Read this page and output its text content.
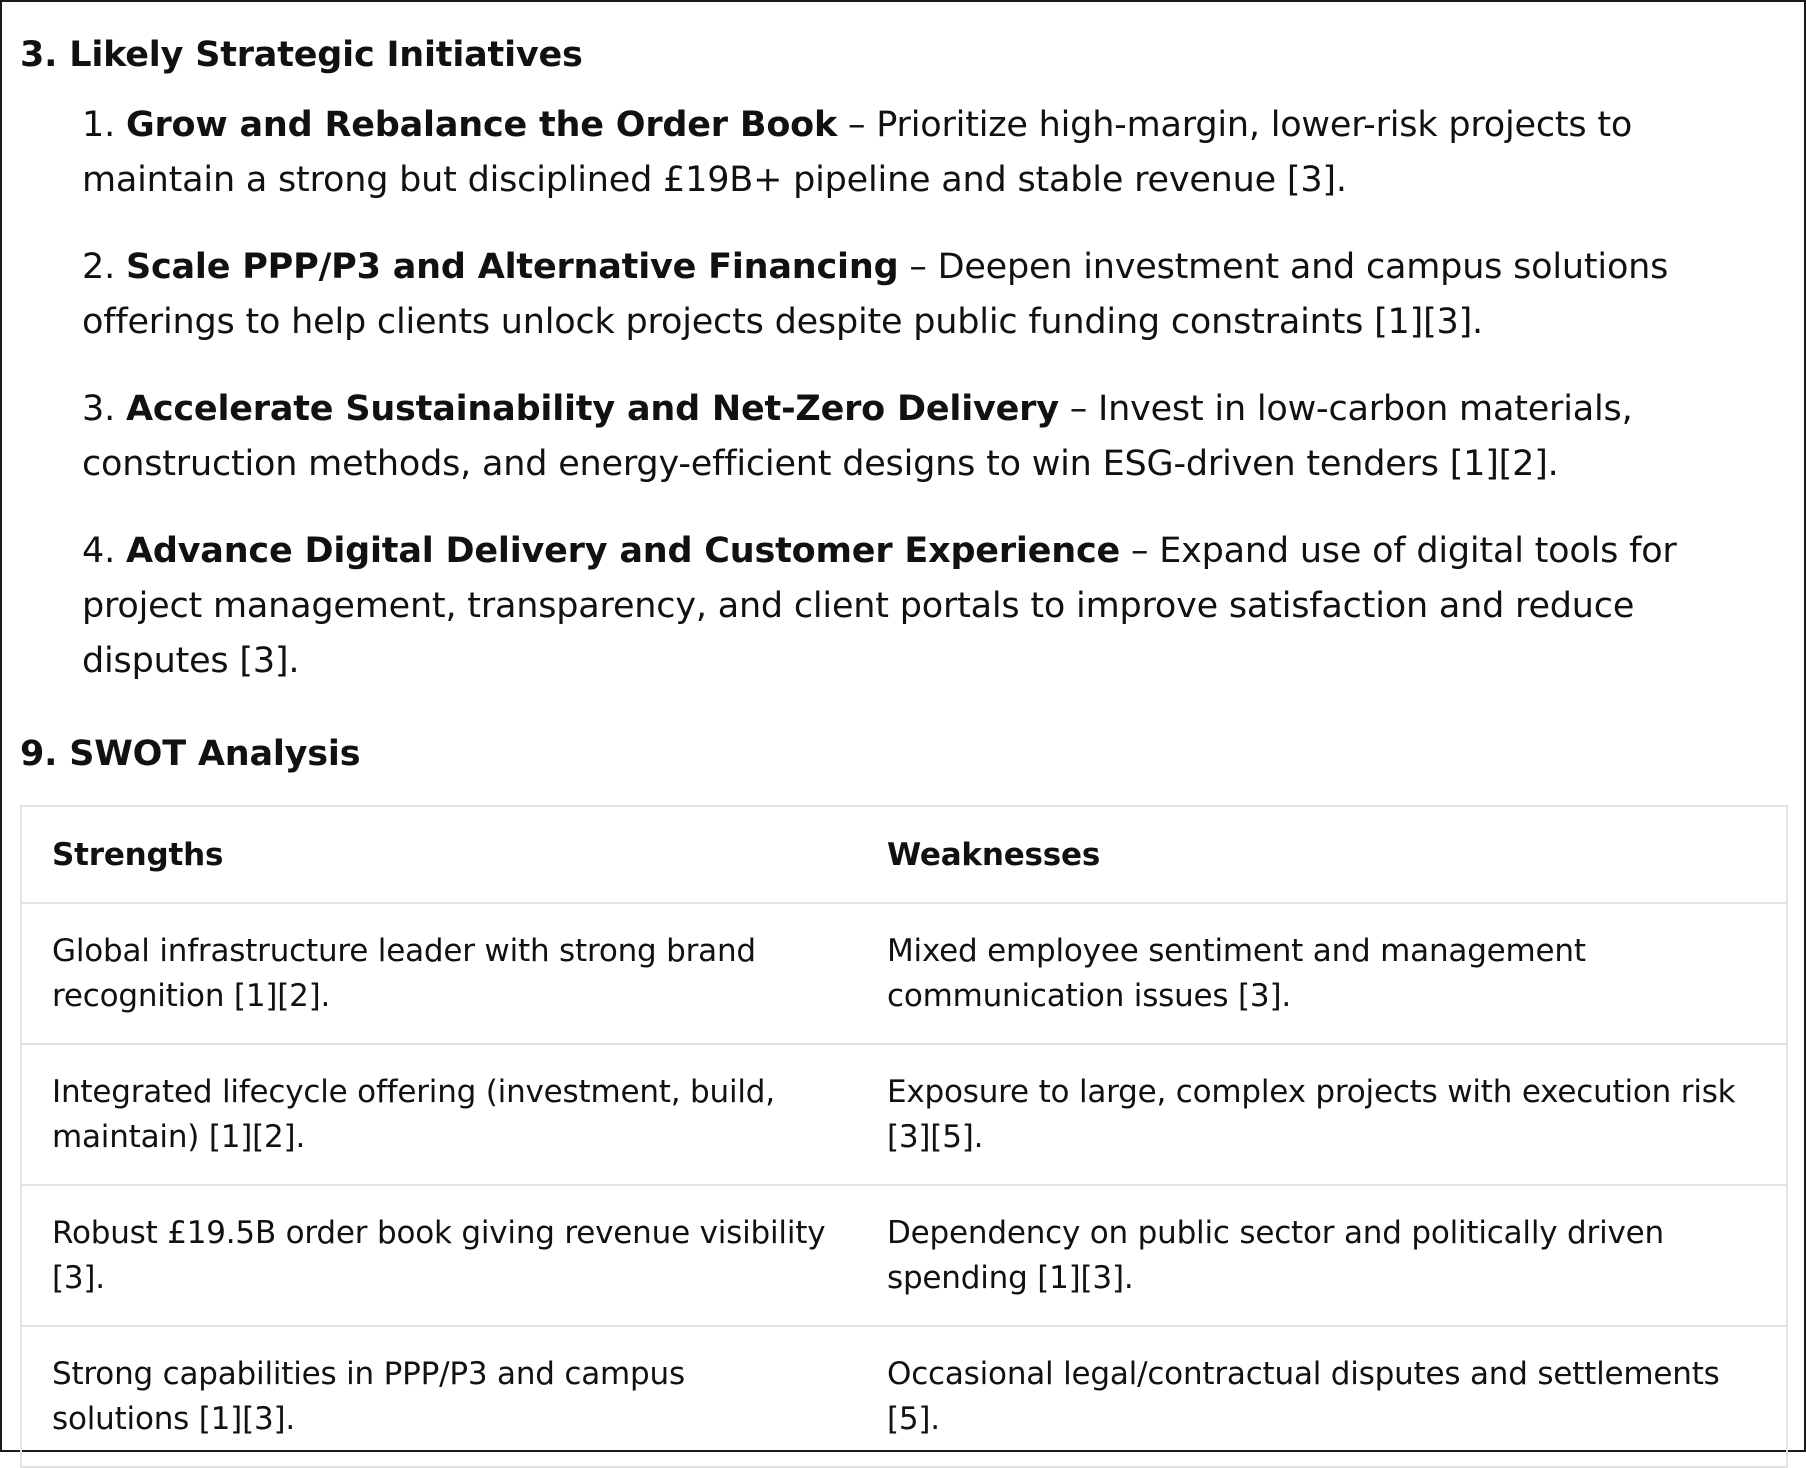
3. Likely Strategic Initiatives
1. Grow and Rebalance the Order Book – Prioritize high-margin, lower-risk projects to maintain a strong but disciplined £19B+ pipeline and stable revenue [3].
2. Scale PPP/P3 and Alternative Financing – Deepen investment and campus solutions offerings to help clients unlock projects despite public funding constraints [1][3].
3. Accelerate Sustainability and Net-Zero Delivery – Invest in low-carbon materials, construction methods, and energy-efficient designs to win ESG-driven tenders [1][2].
4. Advance Digital Delivery and Customer Experience – Expand use of digital tools for project management, transparency, and client portals to improve satisfaction and reduce disputes [3].
9. SWOT Analysis
Strengths	Weaknesses
Global infrastructure leader with strong brand recognition [1][2].	Mixed employee sentiment and management communication issues [3].
Integrated lifecycle offering (investment, build, maintain) [1][2].	Exposure to large, complex projects with execution risk [3][5].
Robust £19.5B order book giving revenue visibility [3].	Dependency on public sector and politically driven spending [1][3].
Strong capabilities in PPP/P3 and campus solutions [1][3].	Occasional legal/contractual disputes and settlements [5].
